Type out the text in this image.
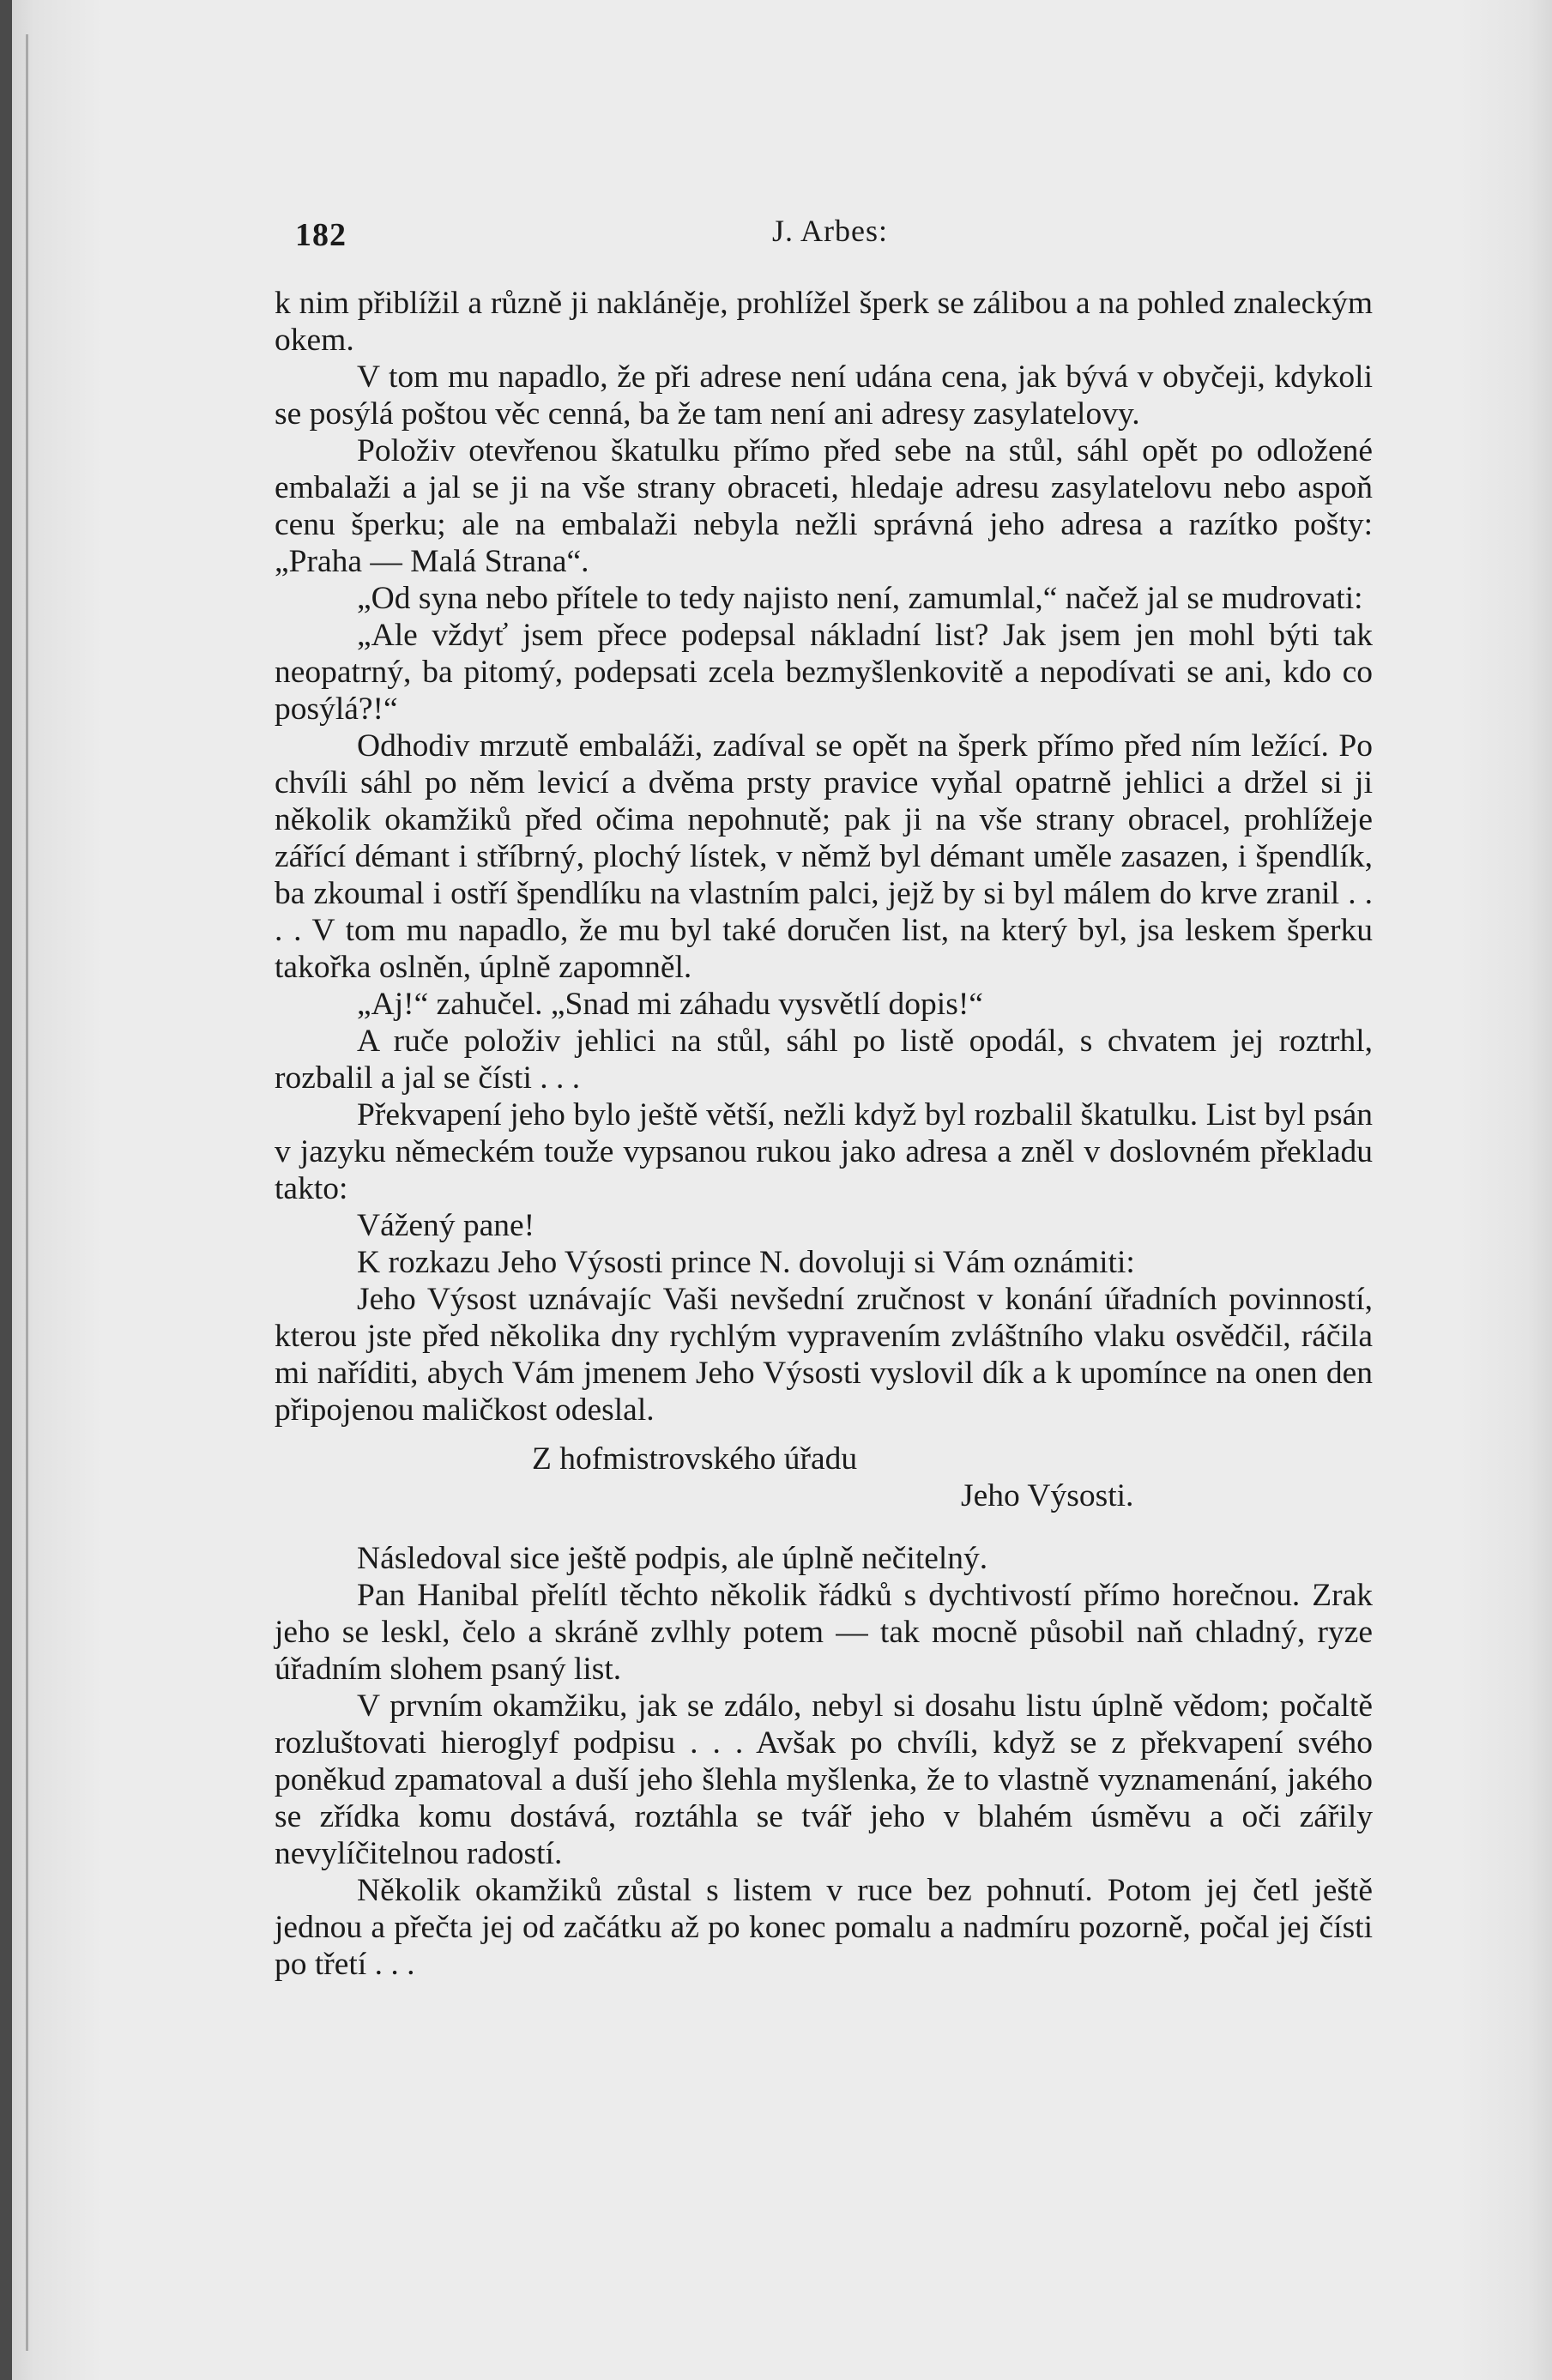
182	J. Arbes:

k nim přiblížil a různě ji nakláněje, prohlížel šperk se zálibou a na pohled znaleckým okem.

V tom mu napadlo, že při adrese není udána cena, jak bývá v obyčeji, kdykoli se posýlá poštou věc cenná, ba že tam není ani adresy zasylatelovy.

Položiv otevřenou škatulku přímo před sebe na stůl, sáhl opět po odložené embalaži a jal se ji na vše strany obraceti, hledaje adresu zasylatelovu nebo aspoň cenu šperku; ale na embalaži nebyla nežli správná jeho adresa a razítko pošty: „Praha — Malá Strana“.

„Od syna nebo přítele to tedy najisto není, zamumlal,“ načež jal se mudrovati:

„Ale vždyť jsem přece podepsal nákladní list? Jak jsem jen mohl býti tak neopatrný, ba pitomý, podepsati zcela bezmyšlenkovitě a nepodívati se ani, kdo co posýlá?!“

Odhodiv mrzutě embaláži, zadíval se opět na šperk přímo před ním ležící. Po chvíli sáhl po něm levicí a dvěma prsty pravice vyňal opatrně jehlici a držel si ji několik okamžiků před očima nepohnutě; pak ji na vše strany obracel, prohlížeje zářící démant i stříbrný, plochý lístek, v němž byl démant uměle zasazen, i špendlík, ba zkoumal i ostří špendlíku na vlastním palci, jejž by si byl málem do krve zranil . . . . V tom mu napadlo, že mu byl také doručen list, na který byl, jsa leskem šperku takořka oslněn, úplně zapomněl.

„Aj!“ zahučel. „Snad mi záhadu vysvětlí dopis!“

A ruče položiv jehlici na stůl, sáhl po listě opodál, s chvatem jej roztrhl, rozbalil a jal se čísti . . .

Překvapení jeho bylo ještě větší, nežli když byl rozbalil škatulku. List byl psán v jazyku německém touže vypsanou rukou jako adresa a zněl v doslovném překladu takto:

Vážený pane!

K rozkazu Jeho Výsosti prince N. dovoluji si Vám oznámiti:

Jeho Výsost uznávajíc Vaši nevšední zručnost v konání úřadních povinností, kterou jste před několika dny rychlým vypravením zvláštního vlaku osvědčil, ráčila mi naříditi, abych Vám jmenem Jeho Výsosti vyslovil dík a k upomínce na onen den připojenou maličkost odeslal.

Z hofmistrovského úřadu

Jeho Výsosti.

Následoval sice ještě podpis, ale úplně nečitelný.

Pan Hanibal přelítl těchto několik řádků s dychtivostí přímo horečnou. Zrak jeho se leskl, čelo a skráně zvlhly potem — tak mocně působil naň chladný, ryze úřadním slohem psaný list.

V prvním okamžiku, jak se zdálo, nebyl si dosahu listu úplně vědom; počaltě rozluštovati hieroglyf podpisu . . . Avšak po chvíli, když se z překvapení svého poněkud zpamatoval a duší jeho šlehla myšlenka, že to vlastně vyznamenání, jakého se zřídka komu dostává, roztáhla se tvář jeho v blahém úsměvu a oči zářily nevylíčitelnou radostí.

Několik okamžiků zůstal s listem v ruce bez pohnutí. Potom jej četl ještě jednou a přečta jej od začátku až po konec pomalu a nadmíru pozorně, počal jej čísti po třetí . . .
